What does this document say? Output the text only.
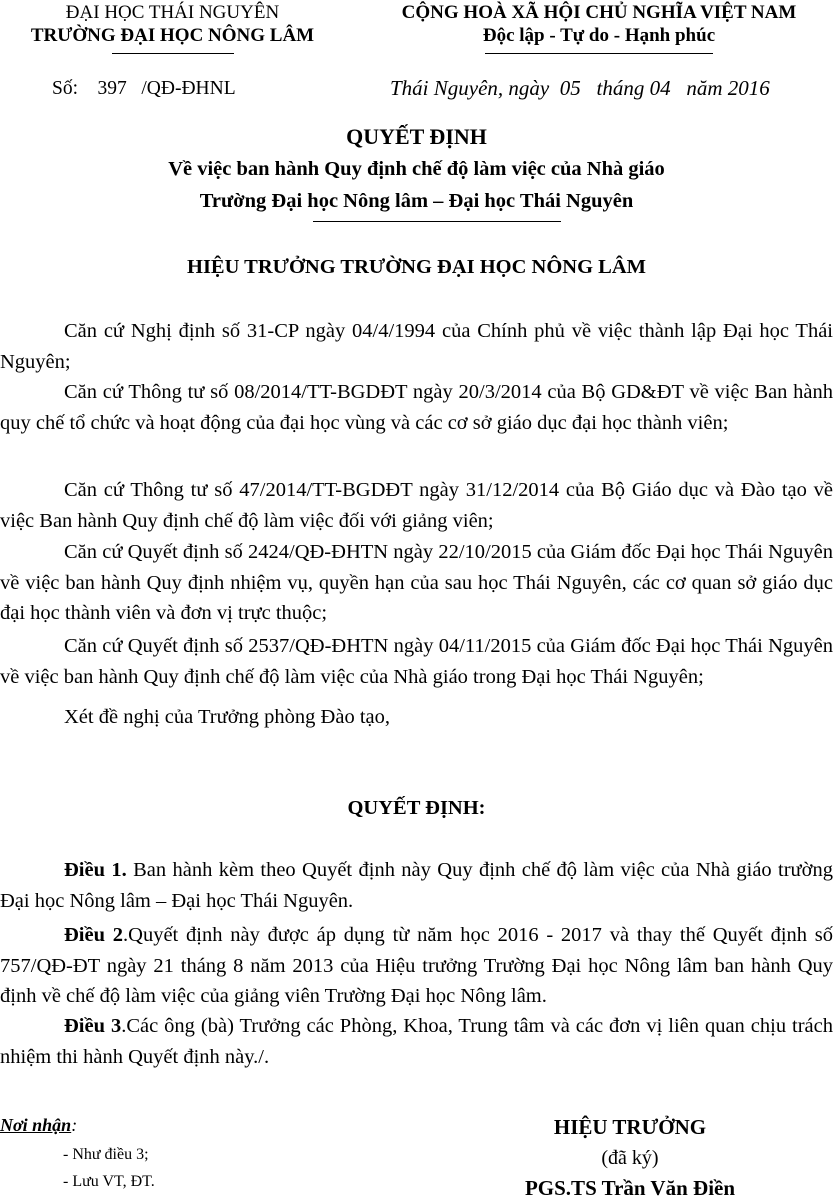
ĐẠI HỌC THÁI NGUYÊN
TRƯỜNG ĐẠI HỌC NÔNG LÂM
CỘNG HOÀ XÃ HỘI CHỦ NGHĨA VIỆT NAM
Độc lập - Tự do - Hạnh phúc
Số:    397   /QĐ-ĐHNL	Thái Nguyên, ngày  05   tháng 04   năm 2016
QUYẾT ĐỊNH
Về việc ban hành Quy định chế độ làm việc của Nhà giáo
Trường Đại học Nông lâm – Đại học Thái Nguyên
HIỆU TRƯỞNG TRƯỜNG ĐẠI HỌC NÔNG LÂM
Căn cứ Nghị định số 31-CP ngày 04/4/1994 của Chính phủ về việc thành lập Đại học Thái Nguyên;
Căn cứ Thông tư số 08/2014/TT-BGDĐT ngày 20/3/2014 của Bộ GD&ĐT về việc Ban hành quy chế tổ chức và hoạt động của đại học vùng và các cơ sở giáo dục đại học thành viên;
Căn cứ Thông tư số 47/2014/TT-BGDĐT ngày 31/12/2014 của Bộ Giáo dục và Đào tạo về việc Ban hành Quy định chế độ làm việc đối với giảng viên;
Căn cứ Quyết định số 2424/QĐ-ĐHTN ngày 22/10/2015 của Giám đốc Đại học Thái Nguyên về việc ban hành Quy định nhiệm vụ, quyền hạn của sau học Thái Nguyên, các cơ quan sở giáo dục đại học thành viên và đơn vị trực thuộc;
Căn cứ Quyết định số 2537/QĐ-ĐHTN ngày 04/11/2015 của Giám đốc Đại học Thái Nguyên về việc ban hành Quy định chế độ làm việc của Nhà giáo trong Đại học Thái Nguyên;
Xét đề nghị của Trưởng phòng Đào tạo,
QUYẾT ĐỊNH:
Điều 1. Ban hành kèm theo Quyết định này Quy định chế độ làm việc của Nhà giáo trường Đại học Nông lâm – Đại học Thái Nguyên.
Điều 2.Quyết định này được áp dụng từ năm học 2016 - 2017 và thay thế Quyết định số 757/QĐ-ĐT ngày 21 tháng 8 năm 2013 của Hiệu trưởng Trường Đại học Nông lâm ban hành Quy định về chế độ làm việc của giảng viên Trường Đại học Nông lâm.
Điều 3.Các ông (bà) Trưởng các Phòng, Khoa, Trung tâm và các đơn vị liên quan chịu trách nhiệm thi hành Quyết định này./.
Nơi nhận:
- Như điều 3;
- Lưu VT, ĐT.
HIỆU TRƯỞNG
(đã ký)
PGS.TS Trần Văn Điền
